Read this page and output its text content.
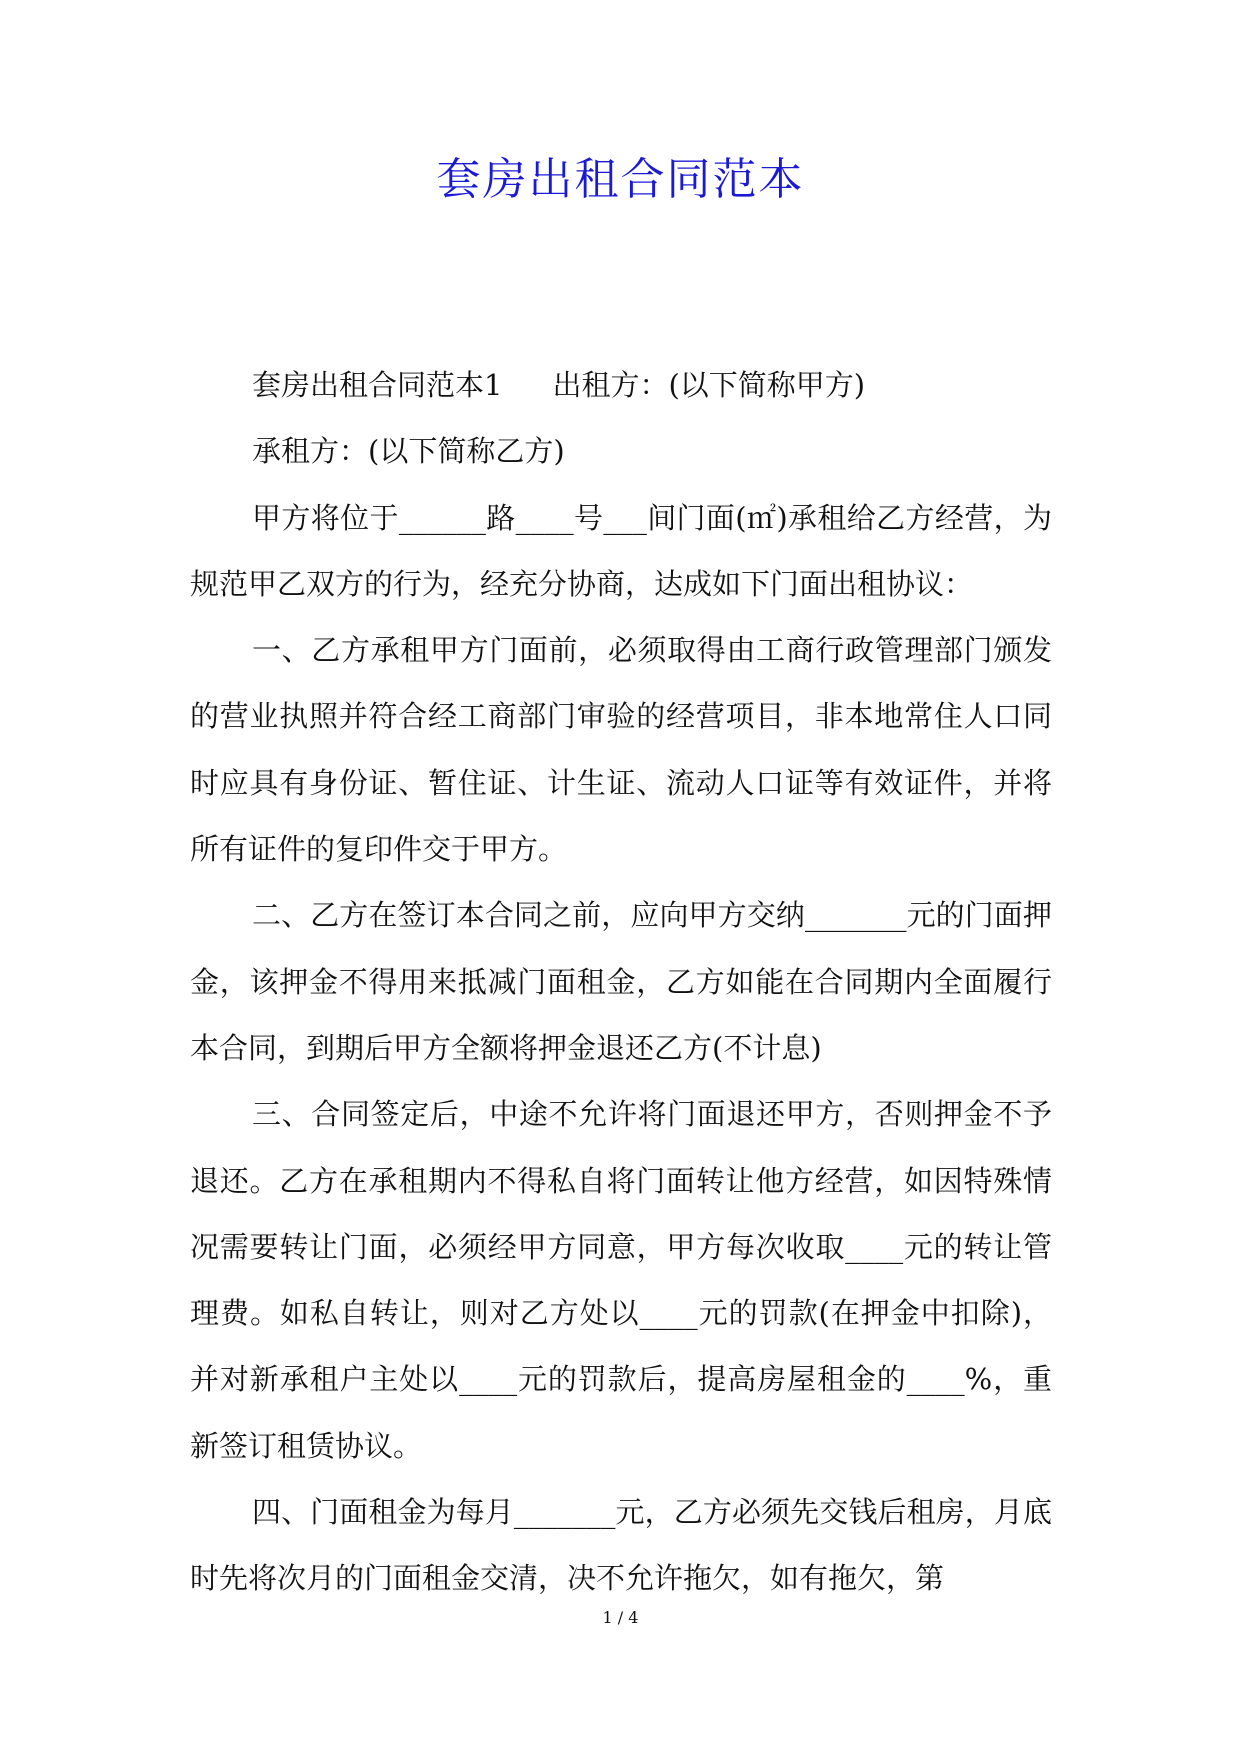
套房出租合同范本

套房出租合同范本1 出租方：(以下简称甲方)

承租方：(以下简称乙方)

甲方将位于______路____号___间门面(㎡)承租给乙方经营，为规范甲乙双方的行为，经充分协商，达成如下门面出租协议：

一、乙方承租甲方门面前，必须取得由工商行政管理部门颁发的营业执照并符合经工商部门审验的经营项目，非本地常住人口同时应具有身份证、暂住证、计生证、流动人口证等有效证件，并将所有证件的复印件交于甲方。

二、乙方在签订本合同之前，应向甲方交纳_______元的门面押金，该押金不得用来抵减门面租金，乙方如能在合同期内全面履行本合同，到期后甲方全额将押金退还乙方(不计息)

三、合同签定后，中途不允许将门面退还甲方，否则押金不予退还。乙方在承租期内不得私自将门面转让他方经营，如因特殊情况需要转让门面，必须经甲方同意，甲方每次收取____元的转让管理费。如私自转让，则对乙方处以____元的罚款(在押金中扣除)，并对新承租户主处以____元的罚款后，提高房屋租金的____%，重新签订租赁协议。

四、门面租金为每月_______元，乙方必须先交钱后租房，月底时先将次月的门面租金交清，决不允许拖欠，如有拖欠，第

1 / 4
